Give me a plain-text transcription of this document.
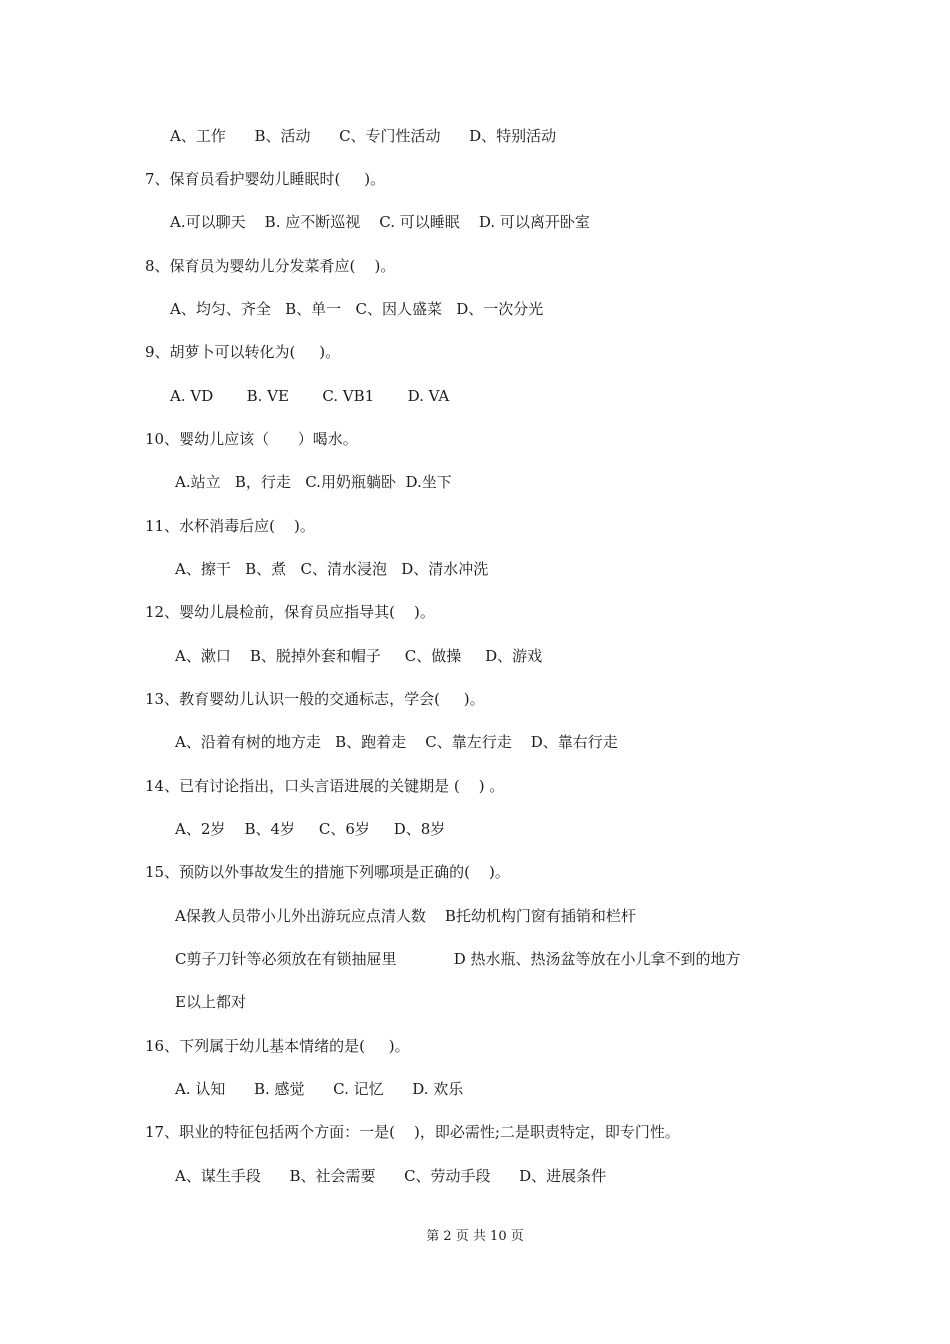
A、工作      B、活动      C、专门性活动      D、特别活动
7、保育员看护婴幼儿睡眠时(     )。
A.可以聊天    B. 应不断巡视    C. 可以睡眠    D. 可以离开卧室
8、保育员为婴幼儿分发菜肴应(    )。
A、均匀、齐全   B、单一   C、因人盛菜   D、一次分光
9、胡萝卜可以转化为(     )。
A. VD       B. VE       C. VB1       D. VA
10、婴幼儿应该（      ）喝水。
A.站立   B，行走   C.用奶瓶躺卧  D.坐下
11、水杯消毒后应(    )。
A、擦干   B、煮   C、清水浸泡   D、清水冲洗
12、婴幼儿晨检前，保育员应指导其(    )。
A、漱口    B、脱掉外套和帽子     C、做操     D、游戏
13、教育婴幼儿认识一般的交通标志，学会(     )。
A、沿着有树的地方走   B、跑着走    C、靠左行走    D、靠右行走
14、已有讨论指出，口头言语进展的关键期是 (    ) 。
A、2岁    B、4岁     C、6岁     D、8岁
15、预防以外事故发生的措施下列哪项是正确的(    )。
A保教人员带小儿外出游玩应点清人数    B托幼机构门窗有插销和栏杆
C剪子刀针等必须放在有锁抽屉里            D 热水瓶、热汤盆等放在小儿拿不到的地方
E以上都对
16、下列属于幼儿基本情绪的是(     )。
A. 认知      B. 感觉      C. 记忆      D. 欢乐
17、职业的特征包括两个方面：一是(    )，即必需性;二是职责特定，即专门性。
A、谋生手段      B、社会需要      C、劳动手段      D、进展条件
第 2 页 共 10 页
